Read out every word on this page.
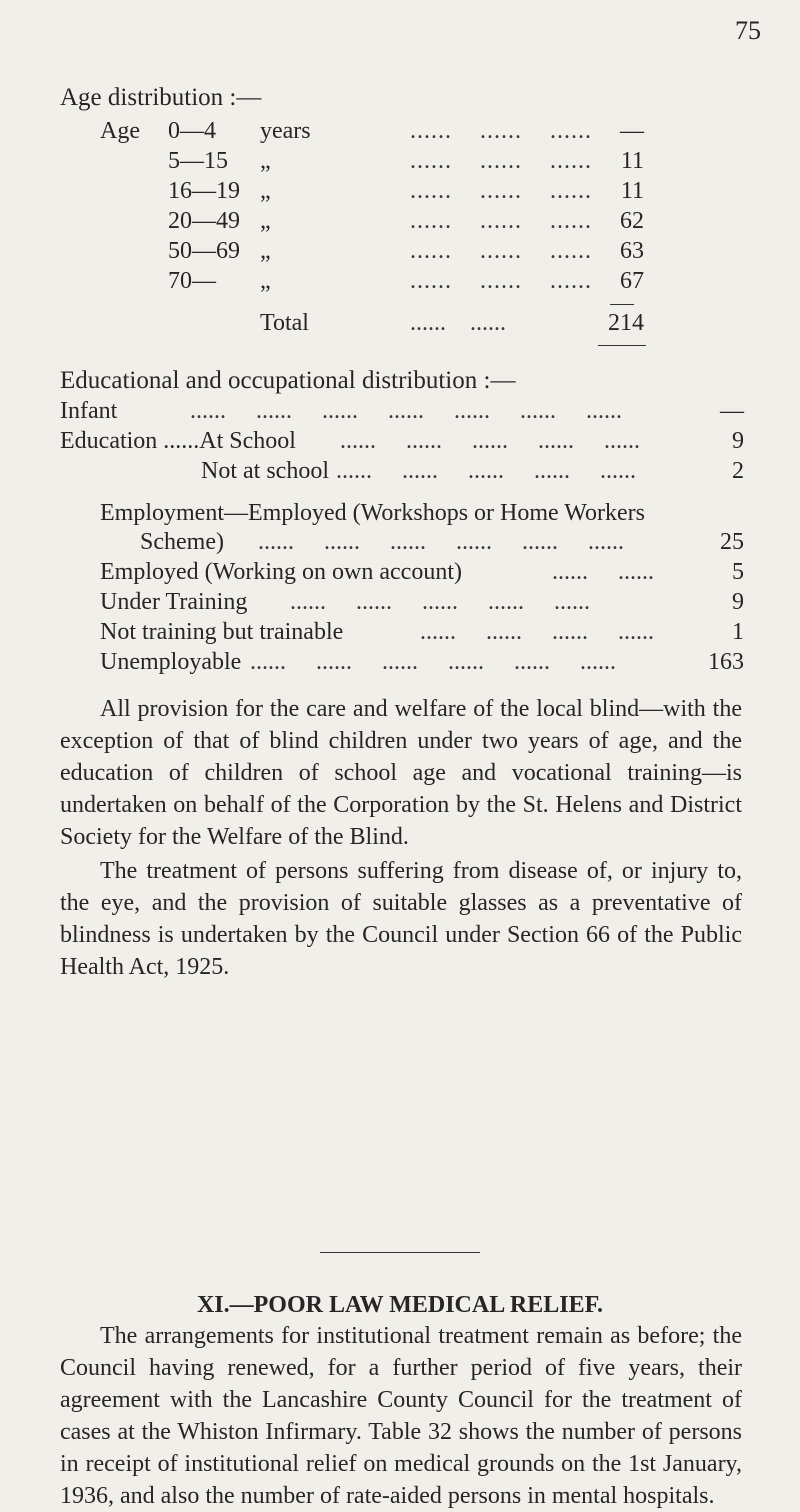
75
Age distribution :—
Age 0—4	years	......    ......    ...... —
5—15	„	......    ......    ...... 11
16—19 „	......    ......    ...... 11
20—49 „	......    ......    ...... 62
50—69 „	......    ......    ...... 63
70—	„	......    ......    ...... 67
Total	......    ......	214
Educational and occupational distribution :—
Infant	......     ......     ......     ......     ......     ......     ......	—
Education ......At School ......     ......     ......     ......     ......	9
Not at school ......     ......     ......     ......     ......	2
Employment—Employed (Workshops or Home Workers
Scheme) ......     ......     ......     ......     ......     ......	25
Employed (Working on own account)	......     ......	5
Under Training ......     ......     ......     ......     ......	9
Not training but trainable	......     ......     ......     ......	1
Unemployable ......     ......     ......     ......     ......     ......	163

All provision for the care and welfare of the local blind—with the exception of that of blind children under two years of age, and the education of children of school age and vocational training—is undertaken on behalf of the Corporation by the St. Helens and District Society for the Welfare of the Blind.

The treatment of persons suffering from disease of, or injury to, the eye, and the provision of suitable glasses as a preventative of blindness is undertaken by the Council under Section 66 of the Public Health Act, 1925.

XI.—POOR LAW MEDICAL RELIEF.

The arrangements for institutional treatment remain as before; the Council having renewed, for a further period of five years, their agreement with the Lancashire County Council for the treatment of cases at the Whiston Infirmary. Table 32 shows the number of persons in receipt of institutional relief on medical grounds on the 1st January, 1936, and also the number of rate-aided persons in mental hospitals.
